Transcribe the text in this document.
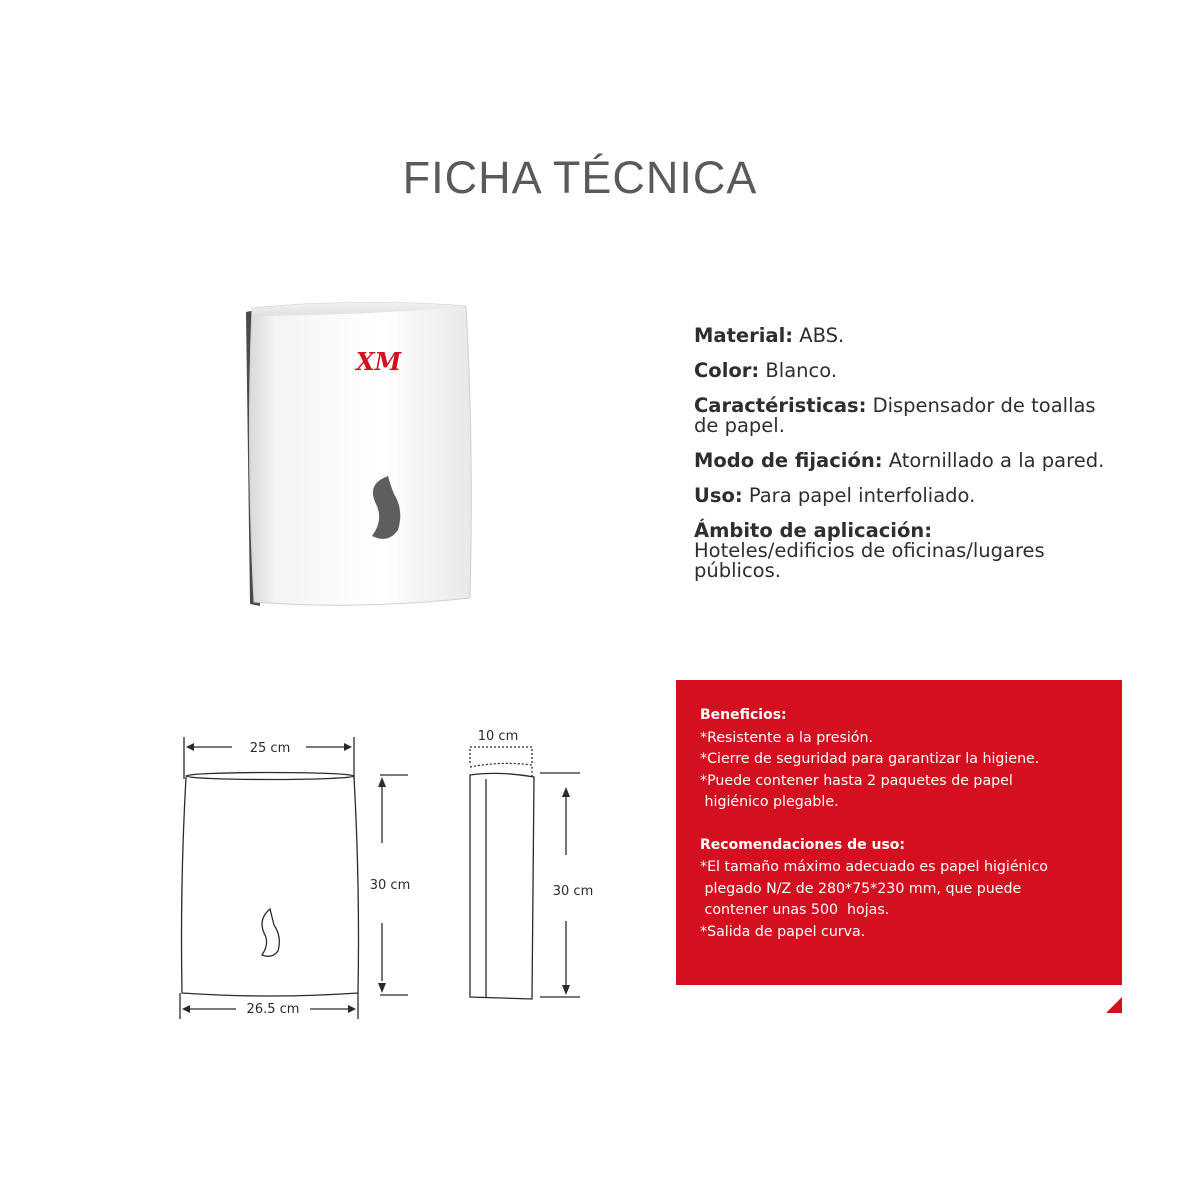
FICHA TÉCNICA
XM
Material: ABS.
Color: Blanco.
Caractéristicas: Dispensador de toallas de papel.
Modo de fijación: Atornillado a la pared.
Uso: Para papel interfoliado.
Ámbito de aplicación:
Hoteles/edificios de oficinas/lugares públicos.
25 cm
30 cm
26.5 cm
10 cm
30 cm
Beneficios:
*Resistente a la presión.
*Cierre de seguridad para garantizar la higiene.
*Puede contener hasta 2 paquetes de papel
higiénico plegable.
Recomendaciones de uso:
*El tamaño máximo adecuado es papel higiénico
plegado N/Z de 280*75*230 mm, que puede
contener unas 500  hojas.
*Salida de papel curva.
